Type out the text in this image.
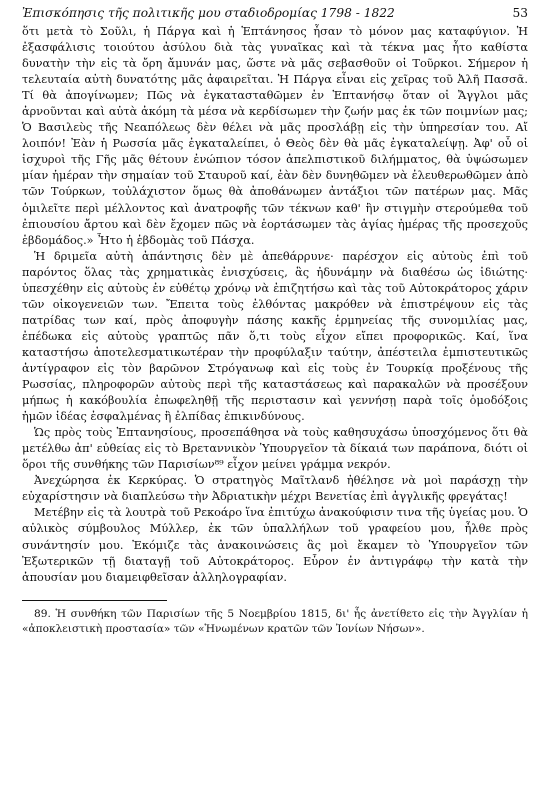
Ἐπισκόπησις τῆς πολιτικῆς μου σταδιοδρομίας 1798 - 1822	53

ὅτι μετὰ τὸ Σοῦλι, ἡ Πάργα καὶ ἡ Ἑπτάνησος ἦσαν τὸ μόνον μας καταφύγιον. Ἡ ἐξασφάλισις τοιούτου ἀσύλου διὰ τὰς γυναῖκας καὶ τὰ τέκνα μας ἦτο καθίστα δυνατὴν τὴν εἰς τὰ ὄρη ἄμυνάν μας, ὥστε νὰ μᾶς σεβασθοῦν οἱ Τοῦρκοι. Σήμερον ἡ τελευταία αὐτὴ δυνατότης μᾶς ἀφαιρεῖται. Ἡ Πάργα εἶναι εἰς χεῖρας τοῦ Ἀλῆ Πασσᾶ. Τί θὰ ἀπογίνωμεν; Πῶς νὰ ἐγκατασταθῶμεν ἐν Ἑπτανήσῳ ὅταν οἱ Ἄγγλοι μᾶς ἀρνοῦνται καὶ αὐτὰ ἀκόμη τὰ μέσα νὰ κερδίσωμεν τὴν ζωήν μας ἐκ τῶν ποιμνίων μας; Ὁ Βασιλεὺς τῆς Νεαπόλεως δὲν θέλει νὰ μᾶς προσλάβῃ εἰς τὴν ὑπηρεσίαν του. Αἴ λοιπόν! Ἐὰν ἡ Ρωσσία μᾶς ἐγκαταλείπει, ὁ Θεὸς δὲν θὰ μᾶς ἐγκαταλείψῃ. Ἀφ' οὗ οἱ ἰσχυροὶ τῆς Γῆς μᾶς θέτουν ἐνώπιον τόσον ἀπελπιστικοῦ διλήμματος, θὰ ὑψώσωμεν μίαν ἡμέραν τὴν σημαίαν τοῦ Σταυροῦ καί, ἐὰν δὲν δυνηθῶμεν νὰ ἐλευθερωθῶμεν ἀπὸ τῶν Τούρκων, τοὐλάχιστον ὅμως θὰ ἀποθάνωμεν ἀντάξιοι τῶν πατέρων μας. Μᾶς ὁμιλεῖτε περὶ μέλλοντος καὶ ἀνατροφῆς τῶν τέκνων καθ' ἣν στιγμὴν στερούμεθα τοῦ ἐπιουσίου ἄρτου καὶ δὲν ἔχομεν πῶς νὰ ἑορτάσωμεν τὰς ἁγίας ἡμέρας τῆς προσεχοῦς ἑβδομάδος.» Ἦτο ἡ ἑβδομὰς τοῦ Πάσχα.

Ἡ δριμεῖα αὐτὴ ἀπάντησις δὲν μὲ ἀπεθάρρυνε· παρέσχον εἰς αὐτοὺς ἐπὶ τοῦ παρόντος ὅλας τὰς χρηματικὰς ἐνισχύσεις, ἃς ἠδυνάμην νὰ διαθέσω ὡς ἰδιώτης· ὑπεσχέθην εἰς αὐτοὺς ἐν εὐθέτῳ χρόνῳ νὰ ἐπιζητήσω καὶ τὰς τοῦ Αὐτοκράτορος χάριν τῶν οἰκογενειῶν των. Ἔπειτα τοὺς ἐλθόντας μακρόθεν νὰ ἐπιστρέψουν εἰς τὰς πατρίδας των καί, πρὸς ἀποφυγὴν πάσης κακῆς ἑρμηνείας τῆς συνομιλίας μας, ἐπέδωκα εἰς αὐτοὺς γραπτῶς πᾶν ὅ,τι τοὺς εἶχον εἴπει προφορικῶς. Καί, ἵνα καταστήσω ἀποτελεσματικωτέραν τὴν προφύλαξιν ταύτην, ἀπέστειλα ἐμπιστευτικῶς ἀντίγραφον εἰς τὸν βαρῶνον Στρόγανωφ καὶ εἰς τοὺς ἐν Τουρκίᾳ προξένους τῆς Ρωσσίας, πληροφορῶν αὐτοὺς περὶ τῆς καταστάσεως καὶ παρακαλῶν νὰ προσέξουν μήπως ἡ κακόβουλία ἐπωφεληθῇ τῆς περιστασιν καὶ γεννήσῃ παρὰ τοῖς ὁμοδόξοις ἡμῶν ἰδέας ἐσφαλμένας ἢ ἐλπίδας ἐπικινδύνους.

Ὡς πρὸς τοὺς Ἑπτανησίους, προσεπάθησα νὰ τοὺς καθησυχάσω ὑποσχόμενος ὅτι θὰ μετέλθω ἀπ' εὐθείας εἰς τὸ Βρεταννικὸν Ὑπουργεῖον τὰ δίκαιά των παράπονα, διότι οἱ ὅροι τῆς συνθήκης τῶν Παρισίων⁸⁹ εἶχον μείνει γράμμα νεκρόν.

Ἀνεχώρησα ἐκ Κερκύρας. Ὁ στρατηγὸς Μαῖτλανδ ἠθέλησε νὰ μοὶ παράσχῃ τὴν εὐχαρίστησιν νὰ διαπλεύσω τὴν Ἀδριατικὴν μέχρι Βενετίας ἐπὶ ἀγγλικῆς φρεγάτας!

Μετέβην εἰς τὰ λουτρὰ τοῦ Ρεκοάρο ἵνα ἐπιτύχω ἀνακούφισιν τινα τῆς ὑγείας μου. Ὁ αὐλικὸς σύμβουλος Μύλλερ, ἐκ τῶν ὑπαλλήλων τοῦ γραφείου μου, ἦλθε πρὸς συνάντησίν μου. Ἐκόμιζε τὰς ἀνακοινώσεις ἃς μοὶ ἔκαμεν τὸ Ὑπουργεῖον τῶν Ἐξωτερικῶν τῇ διαταγῇ τοῦ Αὐτοκράτορος. Εὗρον ἐν ἀντιγράφῳ τὴν κατὰ τὴν ἀπουσίαν μου διαμειφθεῖσαν ἀλληλογραφίαν.

89. Ἡ συνθήκη τῶν Παρισίων τῆς 5 Νοεμβρίου 1815, δι' ἧς ἀνετίθετο εἰς τὴν Ἀγγλίαν ἡ «ἀποκλειστικὴ προστασία» τῶν «Ἡνωμένων κρατῶν τῶν Ἰονίων Νήσων».
